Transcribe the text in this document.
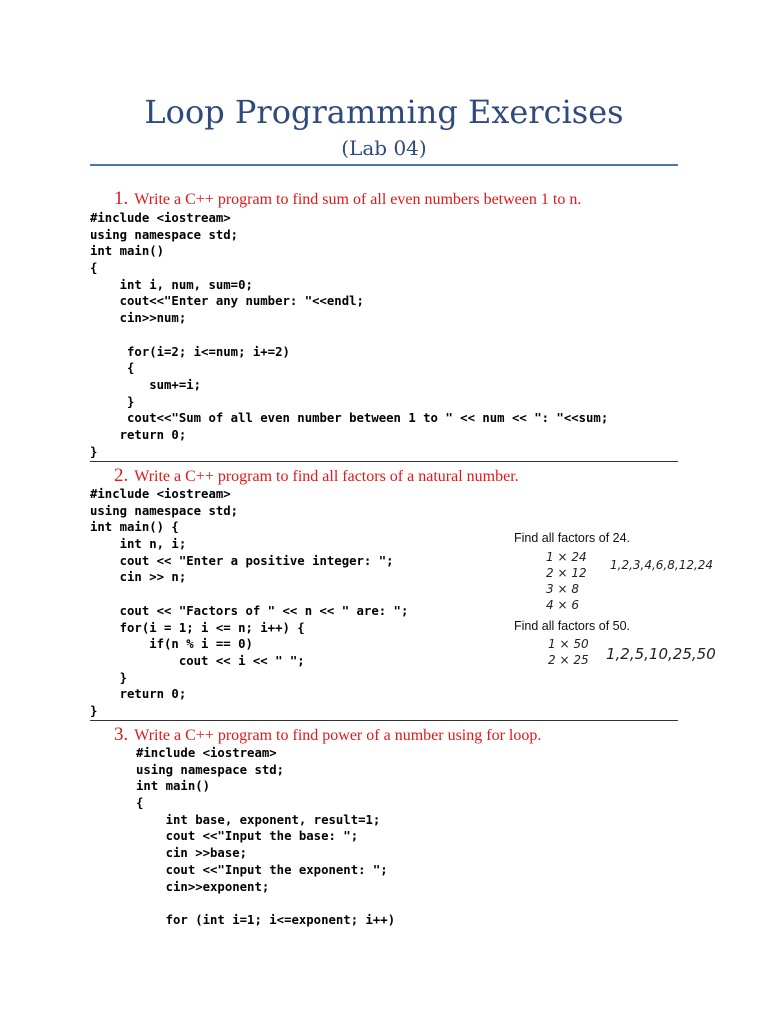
Loop Programming Exercises
(Lab 04)
1. Write a C++ program to find sum of all even numbers between 1 to n.
#include <iostream>
using namespace std;
int main()
{
int i, num, sum=0;
cout<<"Enter any number: "<<endl;
cin>>num;
for(i=2; i<=num; i+=2)
{
sum+=i;
}
cout<<"Sum of all even number between 1 to " << num << ": "<<sum;
return 0;
}
2. Write a C++ program to find all factors of a natural number.
#include <iostream>
using namespace std;
int main() {
int n, i;
cout << "Enter a positive integer: ";
cin >> n;
cout << "Factors of " << n << " are: ";
for(i = 1; i <= n; i++) {
if(n % i == 0)
cout << i << " ";
}
return 0;
}
Find all factors of 24.
1 × 24
2 × 12
3 × 8
4 × 6
1,2,3,4,6,8,12,24
Find all factors of 50.
1 × 50
2 × 25 1,2,5,10,25,50
3. Write a C++ program to find power of a number using for loop.
#include <iostream>
using namespace std;
int main()
{
int base, exponent, result=1;
cout <<"Input the base: ";
cin >>base;
cout <<"Input the exponent: ";
cin>>exponent;
for (int i=1; i<=exponent; i++)
